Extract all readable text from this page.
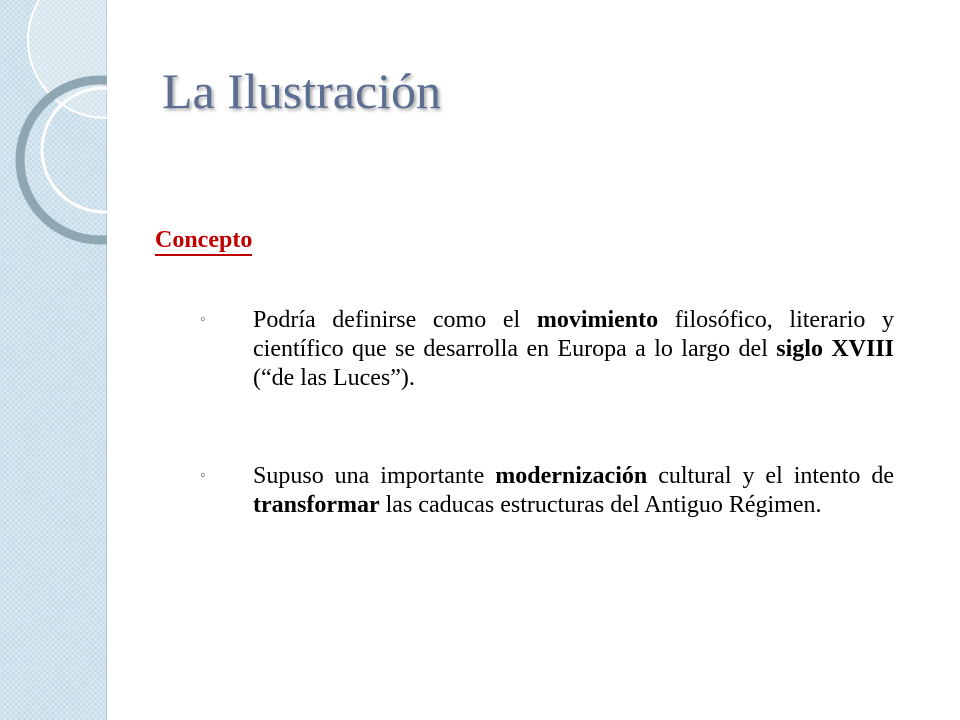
La Ilustración
Concepto
◦	Podría definirse como el movimiento filosófico, literario y científico que se desarrolla en Europa a lo largo del siglo XVIII (“de las Luces”).
◦	Supuso una importante modernización cultural y el intento de transformar las caducas estructuras del Antiguo Régimen.
